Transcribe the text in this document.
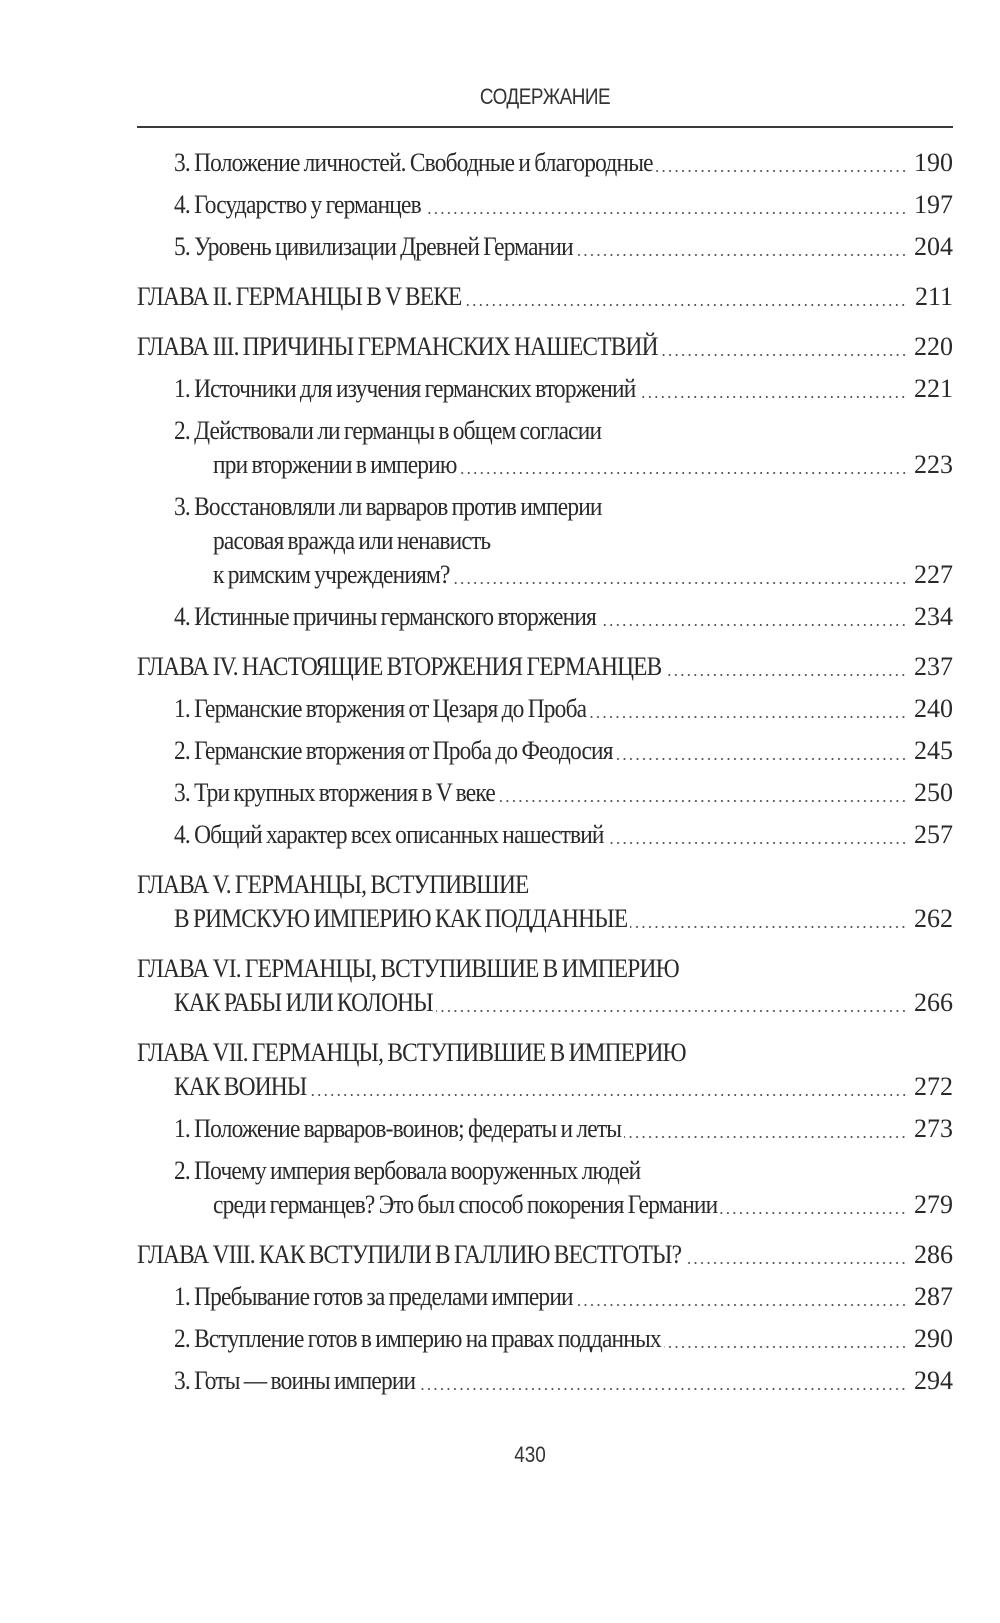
СОДЕРЖАНИЕ
3. Положение личностей. Свободные и благородные	190
4. Государство у германцев	197
5. Уровень цивилизации Древней Германии	204
ГЛАВА II. ГЕРМАНЦЫ В V ВЕКЕ	211
ГЛАВА III. ПРИЧИНЫ ГЕРМАНСКИХ НАШЕСТВИЙ	220
1. Источники для изучения германских вторжений	221
2. Действовали ли германцы в общем согласии
при вторжении в империю	223
3. Восстановляли ли варваров против империи
расовая вражда или ненависть
к римским учреждениям?	227
4. Истинные причины германского вторжения	234
ГЛАВА IV. НАСТОЯЩИЕ ВТОРЖЕНИЯ ГЕРМАНЦЕВ	237
1. Германские вторжения от Цезаря до Проба	240
2. Германские вторжения от Проба до Феодосия	245
3. Три крупных вторжения в V веке	250
4. Общий характер всех описанных нашествий	257
ГЛАВА V. ГЕРМАНЦЫ, ВСТУПИВШИЕ
В РИМСКУЮ ИМПЕРИЮ КАК ПОДДАННЫЕ	262
ГЛАВА VI. ГЕРМАНЦЫ, ВСТУПИВШИЕ В ИМПЕРИЮ
КАК РАБЫ ИЛИ КОЛОНЫ	266
ГЛАВА VII. ГЕРМАНЦЫ, ВСТУПИВШИЕ В ИМПЕРИЮ
КАК ВОИНЫ	272
1. Положение варваров-воинов; федераты и леты	273
2. Почему империя вербовала вооруженных людей
среди германцев? Это был способ покорения Германии	279
ГЛАВА VIII. КАК ВСТУПИЛИ В ГАЛЛИЮ ВЕСТГОТЫ?	286
1. Пребывание готов за пределами империи	287
2. Вступление готов в империю на правах подданных	290
3. Готы — воины империи	294
430
